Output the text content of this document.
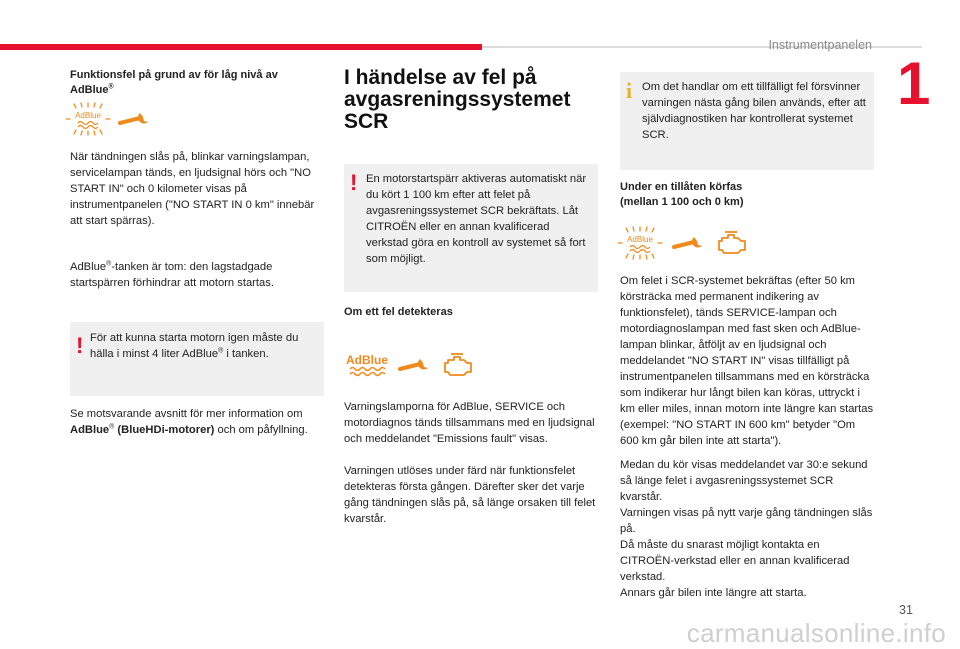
Instrumentpanelen
1
Funktionsfel på grund av för låg nivå av AdBlue®
AdBlue

När tändningen slås på, blinkar varningslampan, servicelampan tänds, en ljudsignal hörs och "NO START IN" och 0 kilometer visas på instrumentpanelen ("NO START IN 0 km" innebär att start spärras).

AdBlue®-tanken är tom: den lagstadgade startspärren förhindrar att motorn startas.

! För att kunna starta motorn igen måste du hälla i minst 4 liter AdBlue® i tanken.

Se motsvarande avsnitt för mer information om AdBlue® (BlueHDi-motorer) och om påfyllning.

I händelse av fel på avgasreningssystemet SCR
! En motorstartspärr aktiveras automatiskt när du kört 1 100 km efter att felet på avgasreningssystemet SCR bekräftats. Låt CITROËN eller en annan kvalificerad verkstad göra en kontroll av systemet så fort som möjligt.

Om ett fel detekteras
AdBlue

Varningslamporna för AdBlue, SERVICE och motordiagnos tänds tillsammans med en ljudsignal och meddelandet "Emissions fault" visas.

Varningen utlöses under färd när funktionsfelet detekteras första gången. Därefter sker det varje gång tändningen slås på, så länge orsaken till felet kvarstår.

i Om det handlar om ett tillfälligt fel försvinner varningen nästa gång bilen används, efter att självdiagnostiken har kontrollerat systemet SCR.

Under en tillåten körfas
(mellan 1 100 och 0 km)
AdBlue

Om felet i SCR-systemet bekräftas (efter 50 km körsträcka med permanent indikering av funktionsfelet), tänds SERVICE-lampan och motordiagnoslampan med fast sken och AdBlue-lampan blinkar, åtföljt av en ljudsignal och meddelandet "NO START IN" visas tillfälligt på instrumentpanelen tillsammans med en körsträcka som indikerar hur långt bilen kan köras, uttryckt i km eller miles, innan motorn inte längre kan startas (exempel: "NO START IN 600 km" betyder "Om 600 km går bilen inte att starta").

Medan du kör visas meddelandet var 30:e sekund så länge felet i avgasreningssystemet SCR kvarstår.

Varningen visas på nytt varje gång tändningen slås på.

Då måste du snarast möjligt kontakta en CITROËN-verkstad eller en annan kvalificerad verkstad.

Annars går bilen inte längre att starta.

31
carmanualsonline.info
